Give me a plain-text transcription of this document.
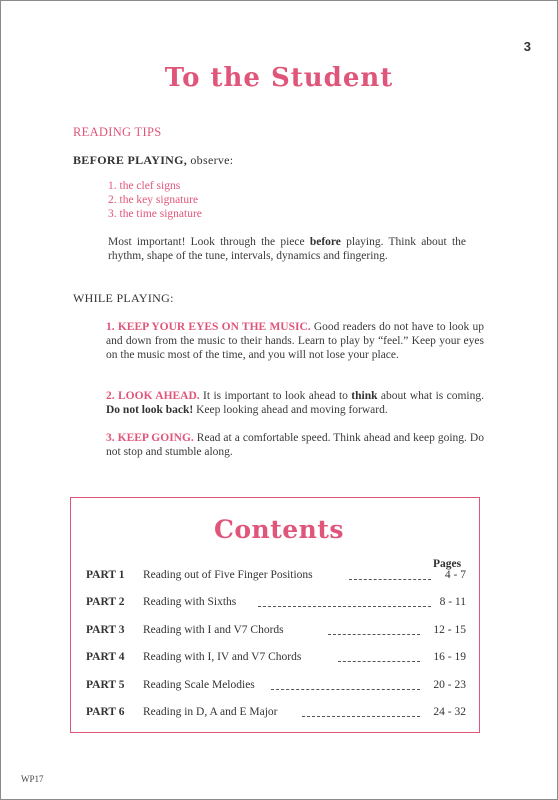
3
To the Student
READING TIPS
BEFORE PLAYING, observe:
1. the clef signs
2. the key signature
3. the time signature

Most important! Look through the piece before playing. Think about the rhythm, shape of the tune, intervals, dynamics and fingering.

WHILE PLAYING:

1. KEEP YOUR EYES ON THE MUSIC. Good readers do not have to look up and down from the music to their hands. Learn to play by “feel.” Keep your eyes on the music most of the time, and you will not lose your place.

2. LOOK AHEAD. It is important to look ahead to think about what is coming. Do not look back! Keep looking ahead and moving forward.

3. KEEP GOING. Read at a comfortable speed. Think ahead and keep going. Do not stop and stumble along.

Contents
Pages
PART 1 Reading out of Five Finger Positions	4 - 7
PART 2 Reading with Sixths	8 - 11
PART 3 Reading with I and V7 Chords	12 - 15
PART 4 Reading with I, IV and V7 Chords	16 - 19
PART 5 Reading Scale Melodies	20 - 23
PART 6 Reading in D, A and E Major	24 - 32
WP17
